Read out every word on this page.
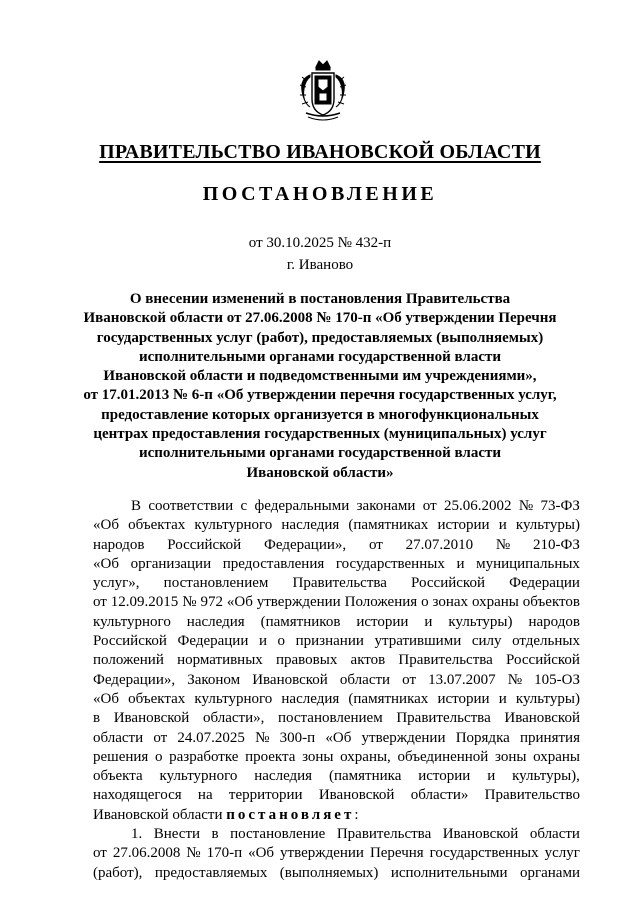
ПРАВИТЕЛЬСТВО ИВАНОВСКОЙ ОБЛАСТИ
ПОСТАНОВЛЕНИЕ
от 30.10.2025 № 432-п
г. Иваново
О внесении изменений в постановления Правительства
Ивановской области от 27.06.2008 № 170-п «Об утверждении Перечня
государственных услуг (работ), предоставляемых (выполняемых)
исполнительными органами государственной власти
Ивановской области и подведомственными им учреждениями»,
от 17.01.2013 № 6-п «Об утверждении перечня государственных услуг,
предоставление которых организуется в многофункциональных
центрах предоставления государственных (муниципальных) услуг
исполнительными органами государственной власти
Ивановской области»
В соответствии с федеральными законами от 25.06.2002 № 73-ФЗ
«Об объектах культурного наследия (памятниках истории и культуры)
народов Российской Федерации», от 27.07.2010 № 210-ФЗ
«Об организации предоставления государственных и муниципальных
услуг», постановлением Правительства Российской Федерации
от 12.09.2015 № 972 «Об утверждении Положения о зонах охраны объектов
культурного наследия (памятников истории и культуры) народов
Российской Федерации и о признании утратившими силу отдельных
положений нормативных правовых актов Правительства Российской
Федерации», Законом Ивановской области от 13.07.2007 № 105-ОЗ
«Об объектах культурного наследия (памятниках истории и культуры)
в Ивановской области», постановлением Правительства Ивановской
области от 24.07.2025 № 300-п «Об утверждении Порядка принятия
решения о разработке проекта зоны охраны, объединенной зоны охраны
объекта культурного наследия (памятника истории и культуры),
находящегося на территории Ивановской области» Правительство
Ивановской области постановляет :
1. Внести в постановление Правительства Ивановской области
от 27.06.2008 № 170-п «Об утверждении Перечня государственных услуг
(работ), предоставляемых (выполняемых) исполнительными органами
